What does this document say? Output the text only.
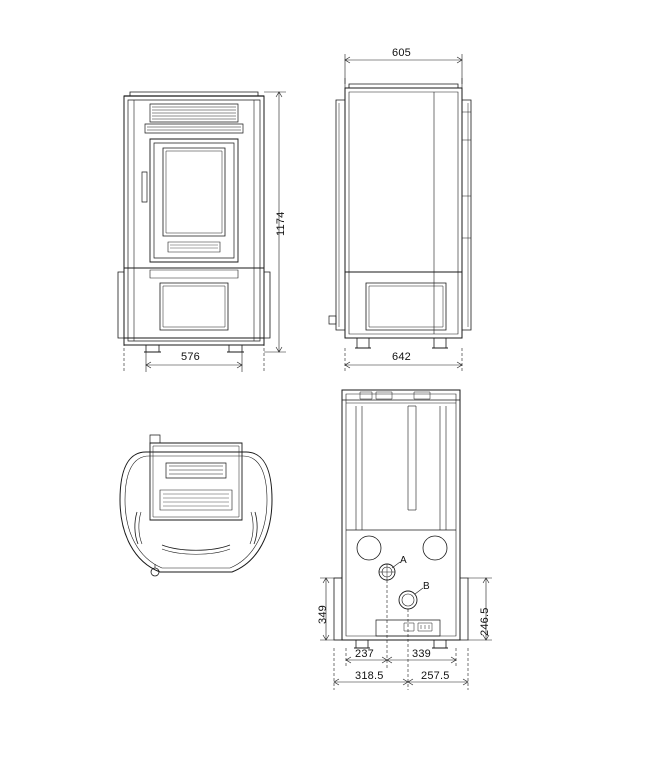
1174
576
605
642
349	246.5
237	339
318.5	257.5
A
B
